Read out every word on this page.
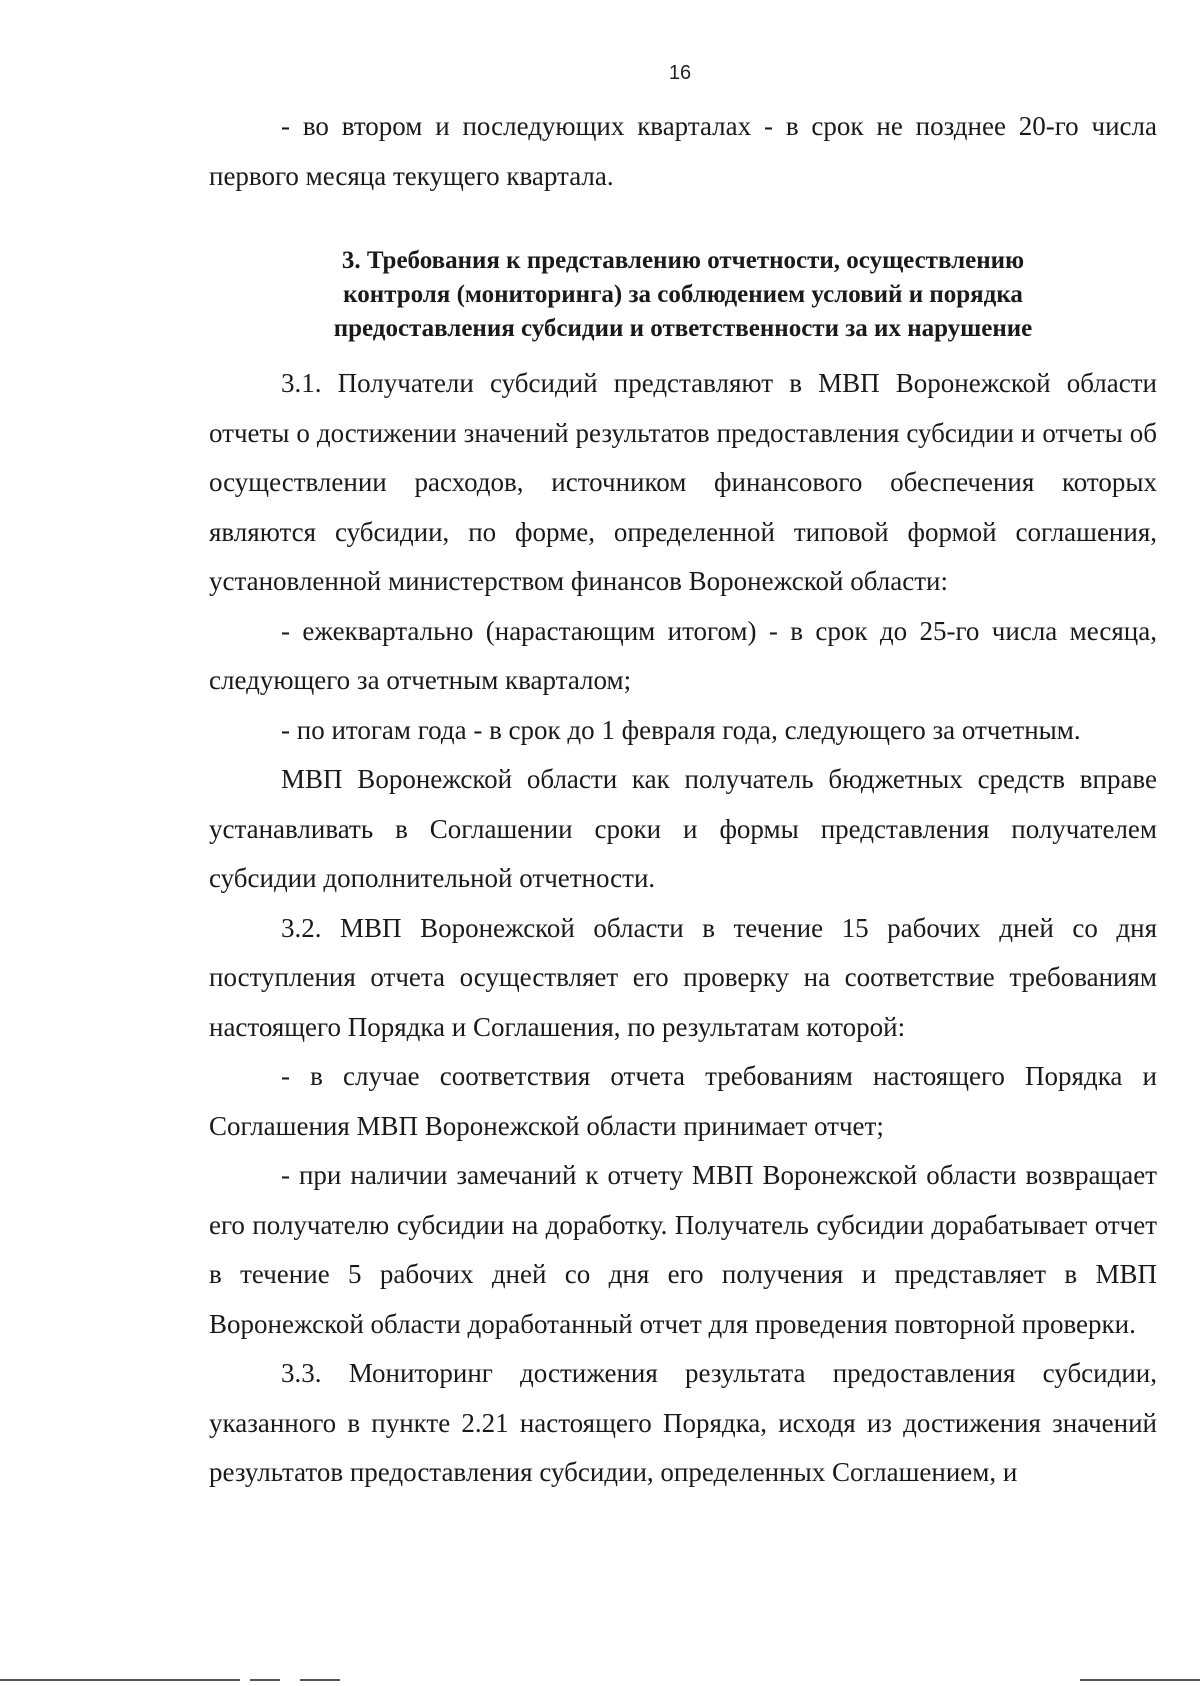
16

- во втором и последующих кварталах - в срок не позднее 20-го числа первого месяца текущего квартала.

3. Требования к представлению отчетности, осуществлению
контроля (мониторинга) за соблюдением условий и порядка
предоставления субсидии и ответственности за их нарушение

3.1. Получатели субсидий представляют в МВП Воронежской области отчеты о достижении значений результатов предоставления субсидии и отчеты об осуществлении расходов, источником финансового обеспечения которых являются субсидии, по форме, определенной типовой формой соглашения, установленной министерством финансов Воронежской области:

- ежеквартально (нарастающим итогом) - в срок до 25-го числа месяца, следующего за отчетным кварталом;

- по итогам года - в срок до 1 февраля года, следующего за отчетным.

МВП Воронежской области как получатель бюджетных средств вправе устанавливать в Соглашении сроки и формы представления получателем субсидии дополнительной отчетности.

3.2. МВП Воронежской области в течение 15 рабочих дней со дня поступления отчета осуществляет его проверку на соответствие требованиям настоящего Порядка и Соглашения, по результатам которой:

- в случае соответствия отчета требованиям настоящего Порядка и Соглашения МВП Воронежской области принимает отчет;

- при наличии замечаний к отчету МВП Воронежской области возвращает его получателю субсидии на доработку. Получатель субсидии дорабатывает отчет в течение 5 рабочих дней со дня его получения и представляет в МВП Воронежской области доработанный отчет для проведения повторной проверки.

3.3. Мониторинг достижения результата предоставления субсидии, указанного в пункте 2.21 настоящего Порядка, исходя из достижения значений результатов предоставления субсидии, определенных Соглашением, и
